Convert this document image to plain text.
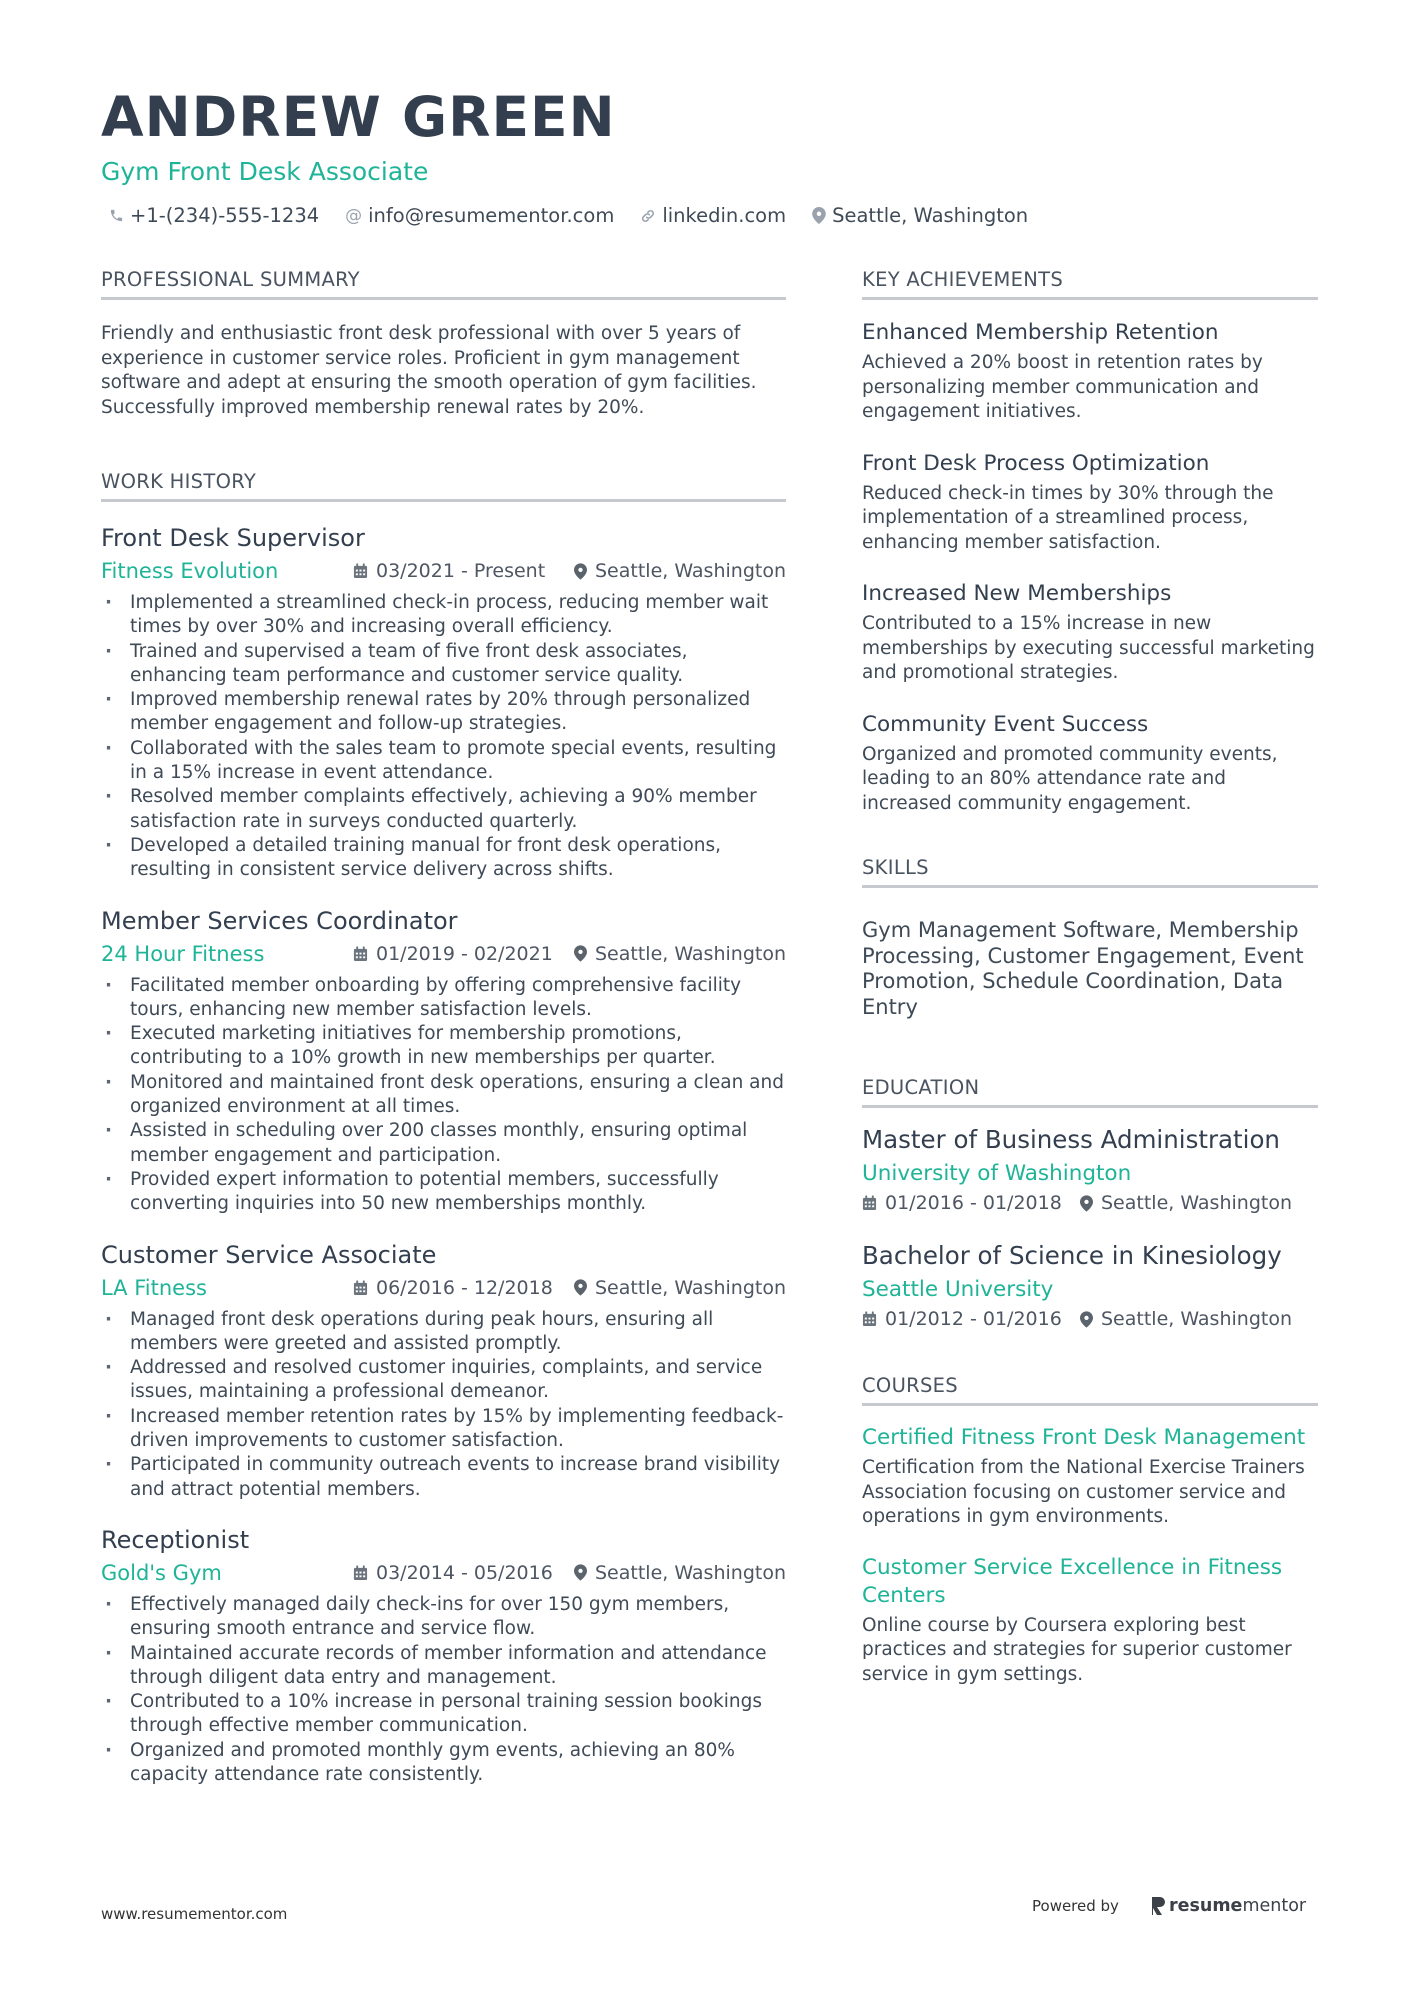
ANDREW GREEN
Gym Front Desk Associate
+1-(234)-555-1234 @ info@resumementor.com linkedin.com Seattle, Washington
PROFESSIONAL SUMMARY

Friendly and enthusiastic front desk professional with over 5 years of experience in customer service roles. Proficient in gym management software and adept at ensuring the smooth operation of gym facilities. Successfully improved membership renewal rates by 20%.

WORK HISTORY
Front Desk Supervisor
Fitness Evolution	03/2021 - Present	Seattle, Washington
· Implemented a streamlined check-in process, reducing member wait times by over 30% and increasing overall efficiency.
· Trained and supervised a team of five front desk associates, enhancing team performance and customer service quality.
· Improved membership renewal rates by 20% through personalized member engagement and follow-up strategies.
· Collaborated with the sales team to promote special events, resulting in a 15% increase in event attendance.
· Resolved member complaints effectively, achieving a 90% member satisfaction rate in surveys conducted quarterly.
· Developed a detailed training manual for front desk operations, resulting in consistent service delivery across shifts.
Member Services Coordinator
24 Hour Fitness	01/2019 - 02/2021 Seattle, Washington
· Facilitated member onboarding by offering comprehensive facility tours, enhancing new member satisfaction levels.
· Executed marketing initiatives for membership promotions, contributing to a 10% growth in new memberships per quarter.
· Monitored and maintained front desk operations, ensuring a clean and organized environment at all times.
· Assisted in scheduling over 200 classes monthly, ensuring optimal member engagement and participation.
· Provided expert information to potential members, successfully converting inquiries into 50 new memberships monthly.
Customer Service Associate
LA Fitness	06/2016 - 12/2018 Seattle, Washington
· Managed front desk operations during peak hours, ensuring all members were greeted and assisted promptly.
· Addressed and resolved customer inquiries, complaints, and service issues, maintaining a professional demeanor.
· Increased member retention rates by 15% by implementing feedback-driven improvements to customer satisfaction.
· Participated in community outreach events to increase brand visibility and attract potential members.
Receptionist
Gold's Gym	03/2014 - 05/2016 Seattle, Washington
· Effectively managed daily check-ins for over 150 gym members, ensuring smooth entrance and service flow.
· Maintained accurate records of member information and attendance through diligent data entry and management.
· Contributed to a 10% increase in personal training session bookings through effective member communication.
· Organized and promoted monthly gym events, achieving an 80% capacity attendance rate consistently.
KEY ACHIEVEMENTS
Enhanced Membership Retention

Achieved a 20% boost in retention rates by personalizing member communication and engagement initiatives.

Front Desk Process Optimization

Reduced check-in times by 30% through the implementation of a streamlined process, enhancing member satisfaction.

Increased New Memberships

Contributed to a 15% increase in new memberships by executing successful marketing and promotional strategies.

Community Event Success

Organized and promoted community events, leading to an 80% attendance rate and increased community engagement.

SKILLS
Gym Management Software, Membership Processing, Customer Engagement, Event Promotion, Schedule Coordination, Data Entry
EDUCATION
Master of Business Administration
University of Washington
01/2016 - 01/2018 Seattle, Washington
Bachelor of Science in Kinesiology
Seattle University
01/2012 - 01/2016 Seattle, Washington
COURSES
Certified Fitness Front Desk Management

Certification from the National Exercise Trainers Association focusing on customer service and operations in gym environments.

Customer Service Excellence in Fitness Centers

Online course by Coursera exploring best practices and strategies for superior customer service in gym settings.

www.resumementor.com	Powered by	resume mentor
